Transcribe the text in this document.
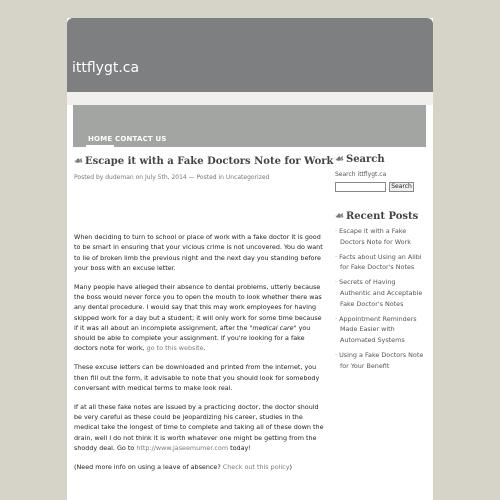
ittflygt.ca
HOME CONTACT US
☙ Escape it with a Fake Doctors Note for Work
Posted by dudeman on July 5th, 2014 — Posted in Uncategorized

When deciding to turn to school or place of work with a fake doctor it is good to be smart in ensuring that your vicious crime is not uncovered. You do want to lie of broken limb the previous night and the next day you standing before your boss with an excuse letter.

Many people have alleged their absence to dental problems, utterly because the boss would never force you to open the mouth to look whether there was any dental procedure. I would say that this may work employees for having skipped work for a day but a student; it will only work for some time because if it was all about an incomplete assignment, after the "medical care" you should be able to complete your assignment. If you're looking for a fake doctors note for work, go to this website.

These excuse letters can be downloaded and printed from the internet, you then fill out the form, it advisable to note that you should look for somebody conversant with medical terms to make look real.

If at all these fake notes are issued by a practicing doctor, the doctor should be very careful as these could be jeopardizing his career, studies in the medical take the longest of time to complete and taking all of these down the drain, well I do not think it is worth whatever one might be getting from the shoddy deal. Go to http://www.jaseemumer.com today!

(Need more info on using a leave of absence? Check out this policy)

☙ Search
Search ittflygt.ca
Search
☙ Recent Posts
· Escape it with a Fake Doctors Note for Work
· Facts about Using an Alibi for Fake Doctor's Notes
· Secrets of Having Authentic and Acceptable Fake Doctor's Notes
· Appointment Reminders Made Easier with Automated Systems
· Using a Fake Doctors Note for Your Benefit
